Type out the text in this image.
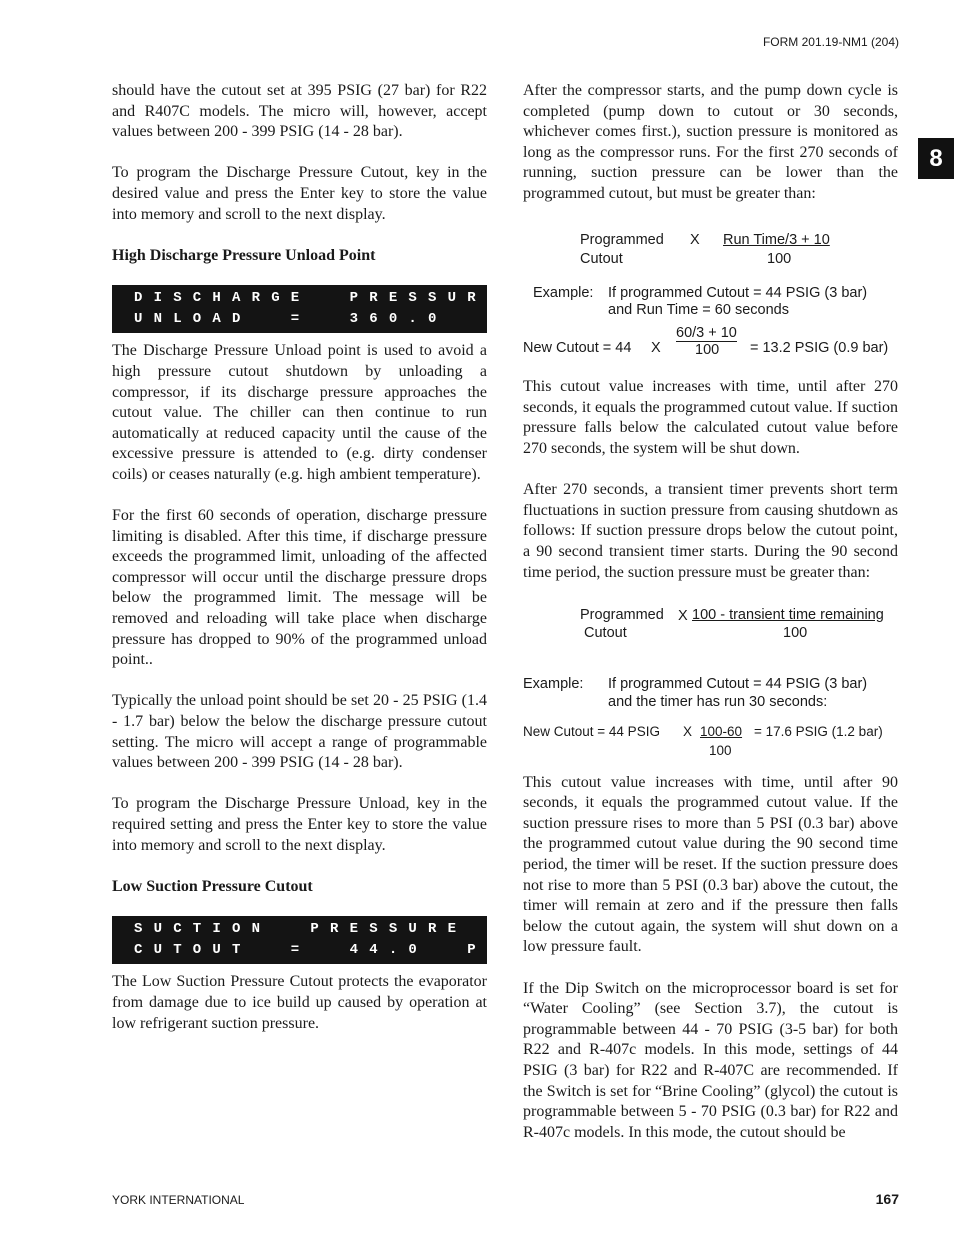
FORM 201.19-NM1 (204)
8

should have the cutout set at 395 PSIG (27 bar) for R22 and R407C models. The micro will, however, accept values between 200 - 399 PSIG (14 - 28 bar).

To program the Discharge Pressure Cutout, key in the desired value and press the Enter key to store the value into memory and scroll to the next display.

High Discharge Pressure Unload Point
DISCHARGE  PRESSURE
UNLOAD  =  360.0  PSIG

The Discharge Pressure Unload point is used to avoid a high pressure cutout shutdown by unloading a compressor, if its discharge pressure approaches the cutout value. The chiller can then continue to run automatically at reduced capacity until the cause of the excessive pressure is attended to (e.g. dirty condenser coils) or ceases naturally (e.g. high ambient temperature).

For the first 60 seconds of operation, discharge pressure limiting is disabled. After this time, if discharge pressure exceeds the programmed limit, unloading of the affected compressor will occur until the discharge pressure drops below the programmed limit. The message will be removed and reloading will take place when discharge pressure has dropped to 90% of the programmed unload point..

Typically the unload point should be set 20 - 25 PSIG (1.4 - 1.7 bar) below the below the discharge pressure cutout setting. The micro will accept a range of programmable values between 200 - 399 PSIG (14 - 28 bar).

To program the Discharge Pressure Unload, key in the required setting and press the Enter key to store the value into memory and scroll to the next display.

Low Suction Pressure Cutout
SUCTION  PRESSURE
CUTOUT  =  44.0  PSIG

The Low Suction Pressure Cutout protects the evaporator from damage due to ice build up caused by operation at low refrigerant suction pressure.

After the compressor starts, and the pump down cycle is completed (pump down to cutout or 30 seconds, whichever comes first.), suction pressure is monitored as long as the compressor runs. For the first 270 seconds of running, suction pressure can be lower than the programmed cutout, but must be greater than:

Programmed
Cutout
X Run Time/3 + 10
100
Example: If programmed Cutout = 44 PSIG (3 bar)
and Run Time = 60 seconds
60/3 + 10
New Cutout = 44 X 100 = 13.2 PSIG (0.9 bar)

This cutout value increases with time, until after 270 seconds, it equals the programmed cutout value. If suction pressure falls below the calculated cutout value before 270 seconds, the system will be shut down.

After 270 seconds, a transient timer prevents short term fluctuations in suction pressure from causing shutdown as follows: If suction pressure drops below the cutout point, a 90 second transient timer starts. During the 90 second time period, the suction pressure must be greater than:

Programmed
Cutout
X 100 - transient time remaining
100
Example: If programmed Cutout = 44 PSIG (3 bar)
and the timer has run 30 seconds:
New Cutout = 44 PSIG X 100-60
100
= 17.6 PSIG (1.2 bar)

This cutout value increases with time, until after 90 seconds, it equals the programmed cutout value. If the suction pressure rises to more than 5 PSI (0.3 bar) above the programmed cutout value during the 90 second time period, the timer will be reset. If the suction pressure does not rise to more than 5 PSI (0.3 bar) above the cutout, the timer will remain at zero and if the pressure then falls below the cutout again, the system will shut down on a low pressure fault.

If the Dip Switch on the microprocessor board is set for “Water Cooling” (see Section 3.7), the cutout is programmable between 44 - 70 PSIG (3-5 bar) for both R22 and R-407c models. In this mode, settings of 44 PSIG (3 bar) for R22 and R-407C are recommended. If the Switch is set for “Brine Cooling” (glycol) the cutout is programmable between 5 - 70 PSIG (0.3 bar) for R22 and R-407c models. In this mode, the cutout should be

YORK INTERNATIONAL	167
